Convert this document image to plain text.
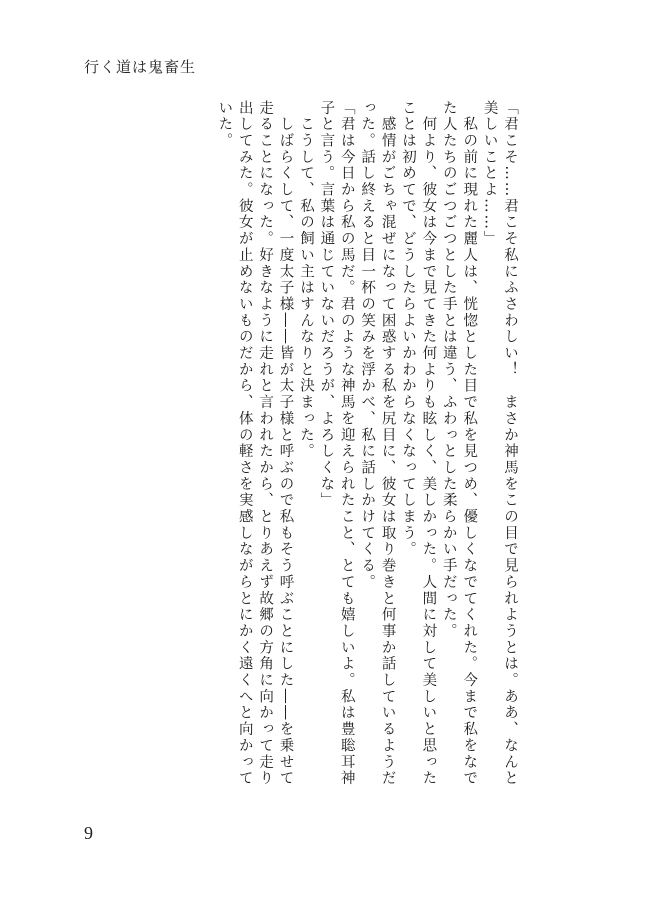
行く道は鬼畜生

「君こそ……君こそ私にふさわしい！　まさか神馬をこの目で見られようとは。ああ、なんと美しいことよ……」

　私の前に現れた麗人は、恍惚とした目で私を見つめ、優しくなでてくれた。今まで私をなでた人たちのごつごつとした手とは違う、ふわっとした柔らかい手だった。

　何より、彼女は今まで見てきた何よりも眩しく、美しかった。人間に対して美しいと思ったことは初めてで、どうしたらよいかわからなくなってしまう。

　感情がごちゃ混ぜになって困惑する私を尻目に、彼女は取り巻きと何事か話しているようだった。話し終えると目一杯の笑みを浮かべ、私に話しかけてくる。

「君は今日から私の馬だ。君のような神馬を迎えられたこと、とても嬉しいよ。私は豊聡耳神子と言う。言葉は通じていないだろうが、よろしくな」

　こうして、私の飼い主はすんなりと決まった。

　しばらくして、一度太子様――皆が太子様と呼ぶので私もそう呼ぶことにした――を乗せて走ることになった。好きなように走れと言われたから、とりあえず故郷の方角に向かって走り出してみた。彼女が止めないものだから、体の軽さを実感しながらとにかく遠くへと向かっていた。

9
